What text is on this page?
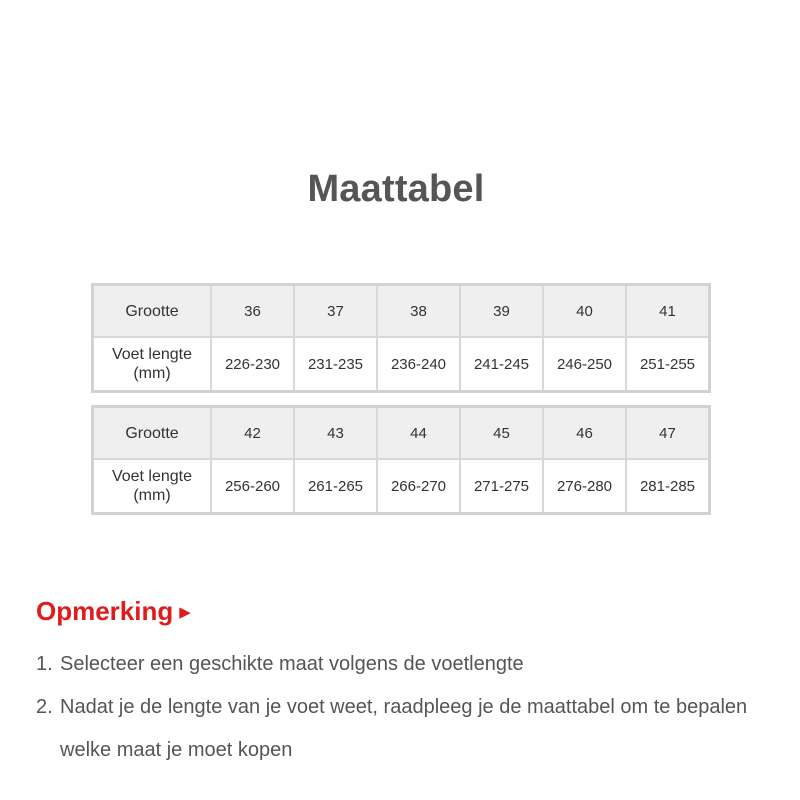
Maattabel
Grootte	36	37	38	39	40	41
Voet lengte (mm)	226-230	231-235	236-240	241-245	246-250	251-255
Grootte	42	43	44	45	46	47
Voet lengte (mm)	256-260	261-265	266-270	271-275	276-280	281-285
Opmerking ▶
1. Selecteer een geschikte maat volgens de voetlengte
2. Nadat je de lengte van je voet weet, raadpleeg je de maattabel om te bepalen welke maat je moet kopen
